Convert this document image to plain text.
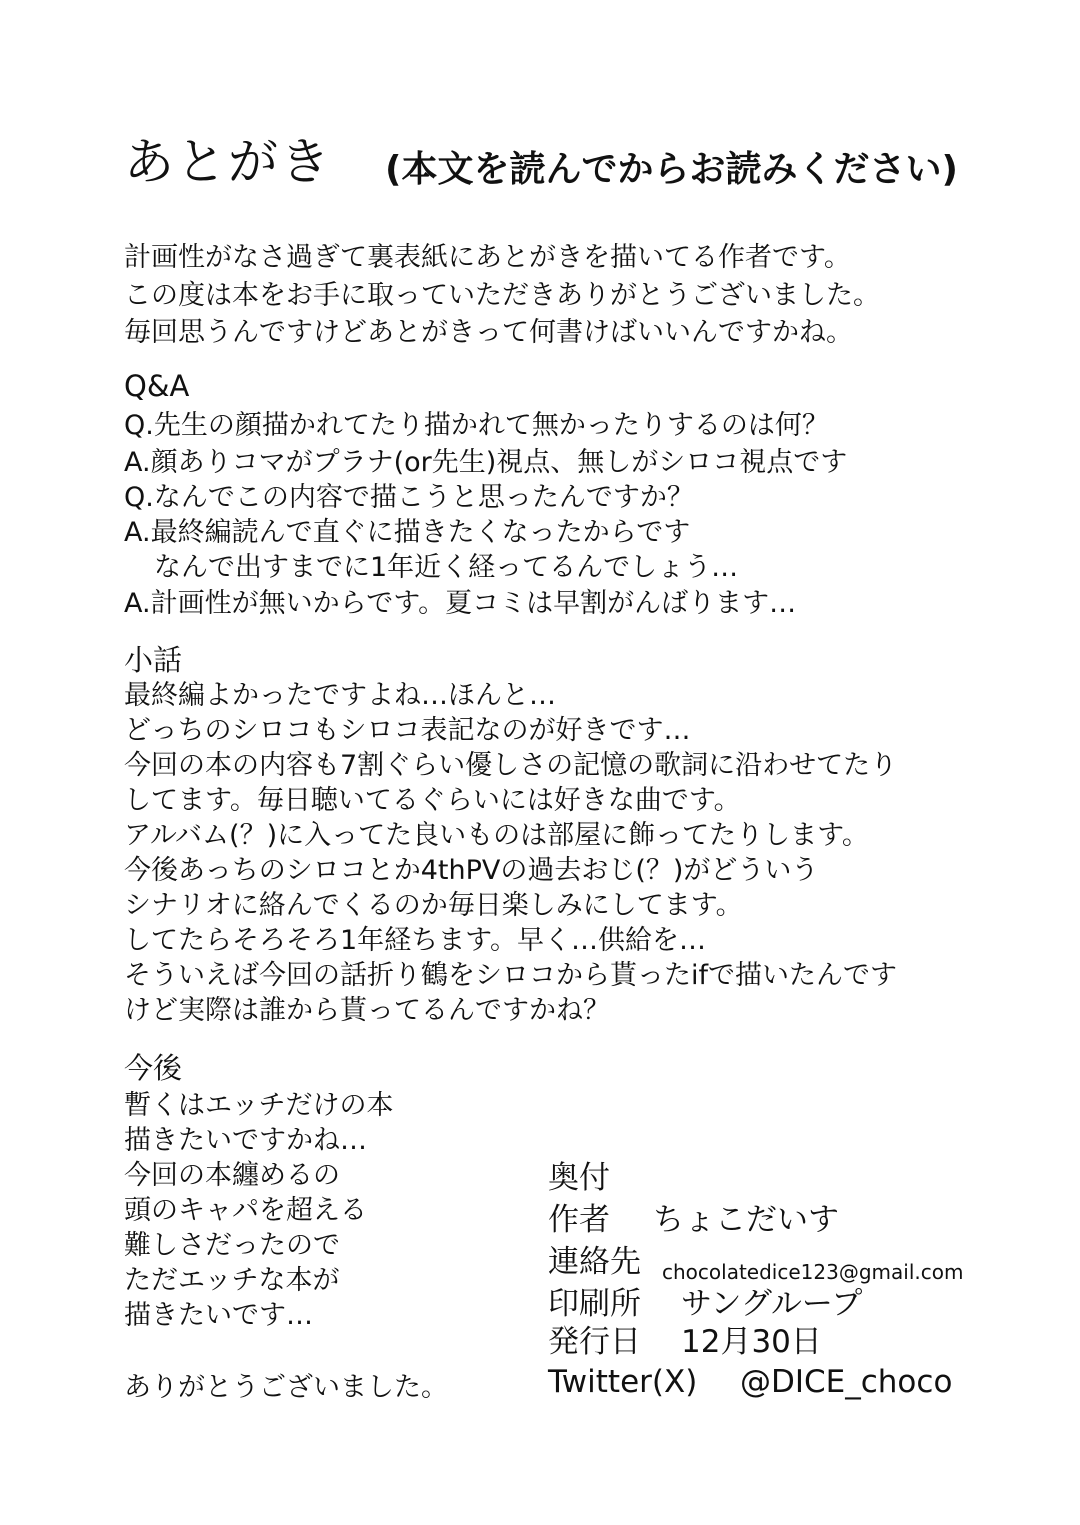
あとがき (本文を読んでからお読みください)
計画性がなさ過ぎて裏表紙にあとがきを描いてる作者です。
この度は本をお手に取っていただきありがとうございました。
毎回思うんですけどあとがきって何書けばいいんですかね。
Q&A
Q.先生の顔描かれてたり描かれて無かったりするのは何？
A.顔ありコマがプラナ(or先生)視点、無しがシロコ視点です
Q.なんでこの内容で描こうと思ったんですか？
A.最終編読んで直ぐに描きたくなったからです
なんで出すまでに1年近く経ってるんでしょう…
A.計画性が無いからです。夏コミは早割がんばります…
小話
最終編よかったですよね…ほんと…
どっちのシロコもシロコ表記なのが好きです…
今回の本の内容も7割ぐらい優しさの記憶の歌詞に沿わせてたり
してます。毎日聴いてるぐらいには好きな曲です。
アルバム(？)に入ってた良いものは部屋に飾ってたりします。
今後あっちのシロコとか4thPVの過去おじ(？)がどういう
シナリオに絡んでくるのか毎日楽しみにしてます。
してたらそろそろ1年経ちます。早く…供給を…
そういえば今回の話折り鶴をシロコから貰ったifで描いたんです
けど実際は誰から貰ってるんですかね？
今後
暫くはエッチだけの本
描きたいですかね…
今回の本纏めるの
頭のキャパを超える
難しさだったので
ただエッチな本が
描きたいです…
ありがとうございました。
奥付
作者 ちょこだいす
連絡先 chocolatedice123@gmail.com
印刷所 サングループ
発行日 12月30日
Twitter(X) @DICE_choco
